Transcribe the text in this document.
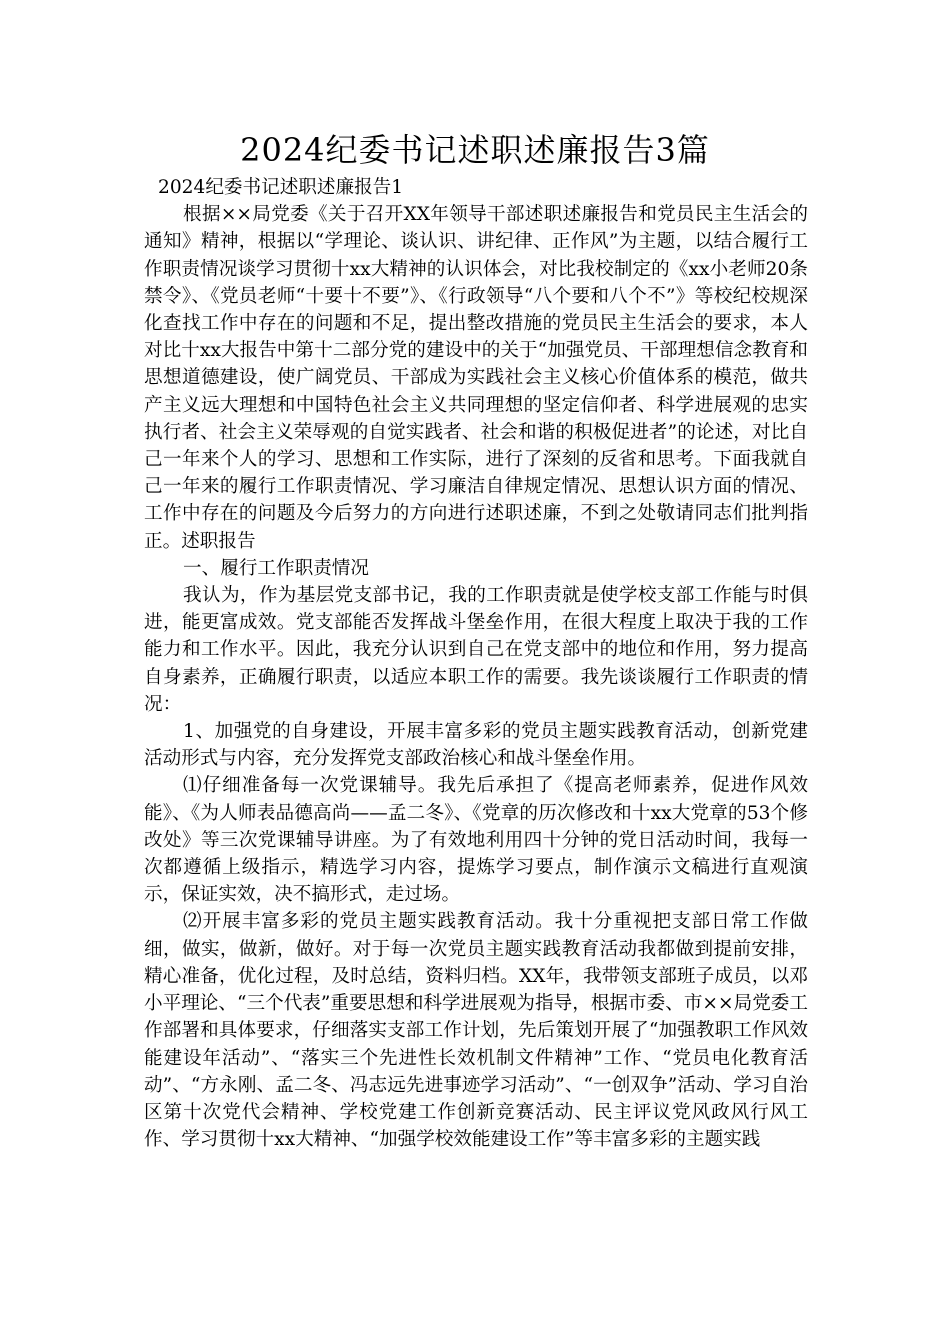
2024纪委书记述职述廉报告3篇

2024纪委书记述职述廉报告1

根据××局党委《关于召开XX年领导干部述职述廉报告和党员民主生活会的通知》精神，根据以“学理论、谈认识、讲纪律、正作风”为主题，以结合履行工作职责情况谈学习贯彻十xx大精神的认识体会，对比我校制定的《xx小老师20条禁令》、《党员老师“十要十不要”》、《行政领导“八个要和八个不”》等校纪校规深化查找工作中存在的问题和不足，提出整改措施的党员民主生活会的要求，本人对比十xx大报告中第十二部分党的建设中的关于“加强党员、干部理想信念教育和思想道德建设，使广阔党员、干部成为实践社会主义核心价值体系的模范，做共产主义远大理想和中国特色社会主义共同理想的坚定信仰者、科学进展观的忠实执行者、社会主义荣辱观的自觉实践者、社会和谐的积极促进者”的论述，对比自己一年来个人的学习、思想和工作实际，进行了深刻的反省和思考。下面我就自己一年来的履行工作职责情况、学习廉洁自律规定情况、思想认识方面的情况、工作中存在的问题及今后努力的方向进行述职述廉，不到之处敬请同志们批判指正。述职报告

一、履行工作职责情况

我认为，作为基层党支部书记，我的工作职责就是使学校支部工作能与时俱进，能更富成效。党支部能否发挥战斗堡垒作用，在很大程度上取决于我的工作能力和工作水平。因此，我充分认识到自己在党支部中的地位和作用，努力提高自身素养，正确履行职责，以适应本职工作的需要。我先谈谈履行工作职责的情况：

1、加强党的自身建设，开展丰富多彩的党员主题实践教育活动，创新党建活动形式与内容，充分发挥党支部政治核心和战斗堡垒作用。

⑴仔细准备每一次党课辅导。我先后承担了《提高老师素养，促进作风效能》、《为人师表品德高尚——孟二冬》、《党章的历次修改和十xx大党章的53个修改处》等三次党课辅导讲座。为了有效地利用四十分钟的党日活动时间，我每一次都遵循上级指示，精选学习内容，提炼学习要点，制作演示文稿进行直观演示，保证实效，决不搞形式，走过场。

⑵开展丰富多彩的党员主题实践教育活动。我十分重视把支部日常工作做细，做实，做新，做好。对于每一次党员主题实践教育活动我都做到提前安排，精心准备，优化过程，及时总结，资料归档。XX年，我带领支部班子成员，以邓小平理论、“三个代表”重要思想和科学进展观为指导，根据市委、市××局党委工作部署和具体要求，仔细落实支部工作计划，先后策划开展了“加强教职工作风效能建设年活动”、“落实三个先进性长效机制文件精神”工作、“党员电化教育活动”、“方永刚、孟二冬、冯志远先进事迹学习活动”、“一创双争”活动、学习自治区第十次党代会精神、学校党建工作创新竞赛活动、民主评议党风政风行风工作、学习贯彻十xx大精神、“加强学校效能建设工作”等丰富多彩的主题实践
